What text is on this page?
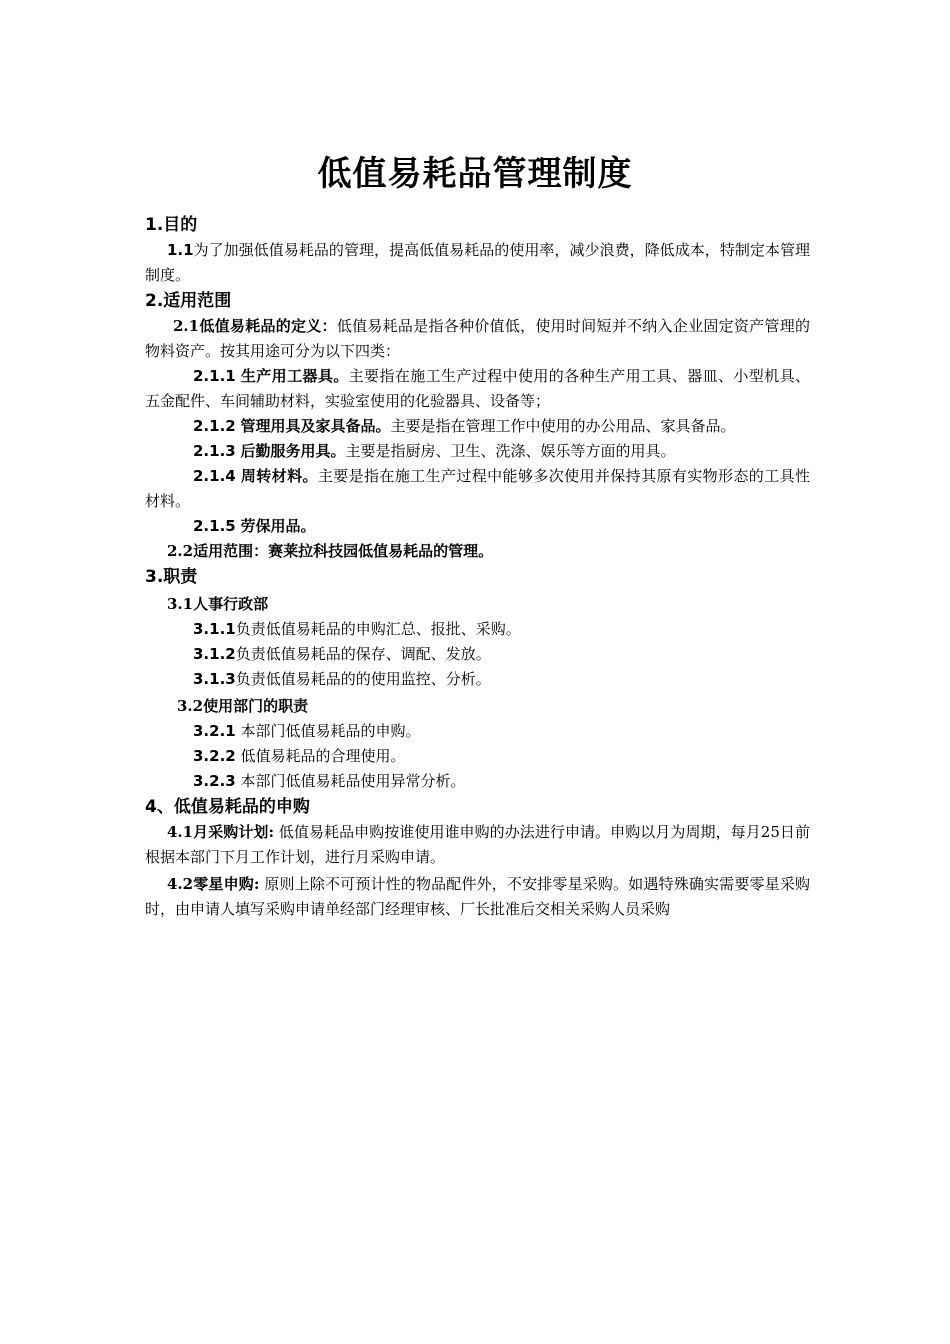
低值易耗品管理制度
1.目的
1.1为了加强低值易耗品的管理，提高低值易耗品的使用率，减少浪费，降低成本，特制定本管理制度。
2.适用范围
2.1低值易耗品的定义：低值易耗品是指各种价值低，使用时间短并不纳入企业固定资产管理的物料资产。按其用途可分为以下四类：
2.1.1 生产用工器具。主要指在施工生产过程中使用的各种生产用工具、器皿、小型机具、五金配件、车间辅助材料，实验室使用的化验器具、设备等；
2.1.2 管理用具及家具备品。主要是指在管理工作中使用的办公用品、家具备品。
2.1.3 后勤服务用具。主要是指厨房、卫生、洗涤、娱乐等方面的用具。
2.1.4 周转材料。主要是指在施工生产过程中能够多次使用并保持其原有实物形态的工具性材料。
2.1.5 劳保用品。
2.2适用范围：赛莱拉科技园低值易耗品的管理。
3.职责
3.1人事行政部
3.1.1负责低值易耗品的申购汇总、报批、采购。
3.1.2负责低值易耗品的保存、调配、发放。
3.1.3负责低值易耗品的的使用监控、分析。
3.2使用部门的职责
3.2.1 本部门低值易耗品的申购。
3.2.2 低值易耗品的合理使用。
3.2.3 本部门低值易耗品使用异常分析。
4、低值易耗品的申购
4.1月采购计划: 低值易耗品申购按谁使用谁申购的办法进行申请。申购以月为周期，每月25日前根据本部门下月工作计划，进行月采购申请。
4.2零星申购: 原则上除不可预计性的物品配件外，不安排零星采购。如遇特殊确实需要零星采购时，由申请人填写采购申请单经部门经理审核、厂长批准后交相关采购人员采购
